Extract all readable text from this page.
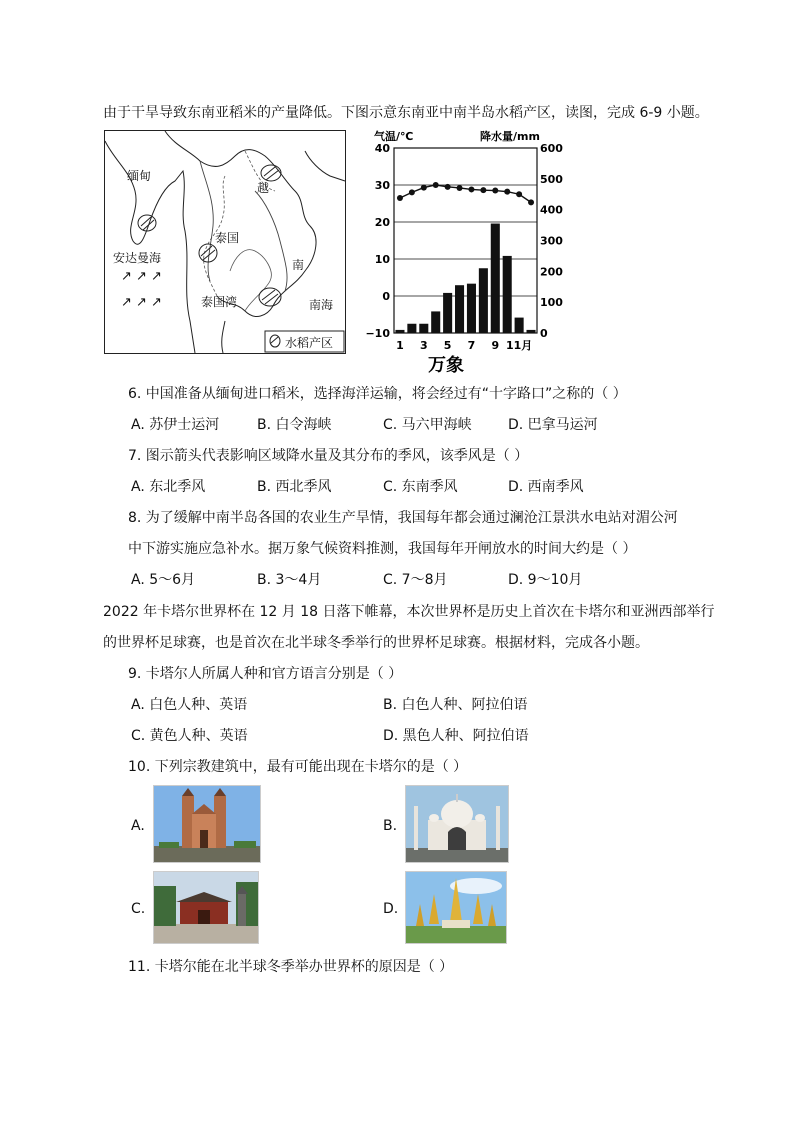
由于干旱导致东南亚稻米的产量降低。下图示意东南亚中南半岛水稻产区，读图，完成 6-9 小题。
缅甸
越
泰国
安达曼海	南
↗ ↗ ↗
↗ ↗ ↗	泰国湾	南海
水稻产区
气温/℃	降水量/mm
40
30
20
10
0
−10
600
500
400
300
200
100
0
1 3 5 7 9 11月
万象
6. 中国准备从缅甸进口稻米，选择海洋运输，将会经过有“十字路口”之称的（ ）
A. 苏伊士运河	B. 白令海峡	C. 马六甲海峡	D. 巴拿马运河
7. 图示箭头代表影响区域降水量及其分布的季风，该季风是（ ）
A. 东北季风	B. 西北季风	C. 东南季风	D. 西南季风
8. 为了缓解中南半岛各国的农业生产旱情，我国每年都会通过澜沧江景洪水电站对湄公河
中下游实施应急补水。据万象气候资料推测，我国每年开闸放水的时间大约是（ ）
A. 5～6月	B. 3～4月	C. 7～8月	D. 9～10月
2022 年卡塔尔世界杯在 12 月 18 日落下帷幕，本次世界杯是历史上首次在卡塔尔和亚洲西部举行
的世界杯足球赛，也是首次在北半球冬季举行的世界杯足球赛。根据材料，完成各小题。
9. 卡塔尔人所属人种和官方语言分别是（ ）
A. 白色人种、英语	B. 白色人种、阿拉伯语
C. 黄色人种、英语	D. 黑色人种、阿拉伯语
10. 下列宗教建筑中，最有可能出现在卡塔尔的是（ ）
A.	B.
C.	D.
11. 卡塔尔能在北半球冬季举办世界杯的原因是（ ）
